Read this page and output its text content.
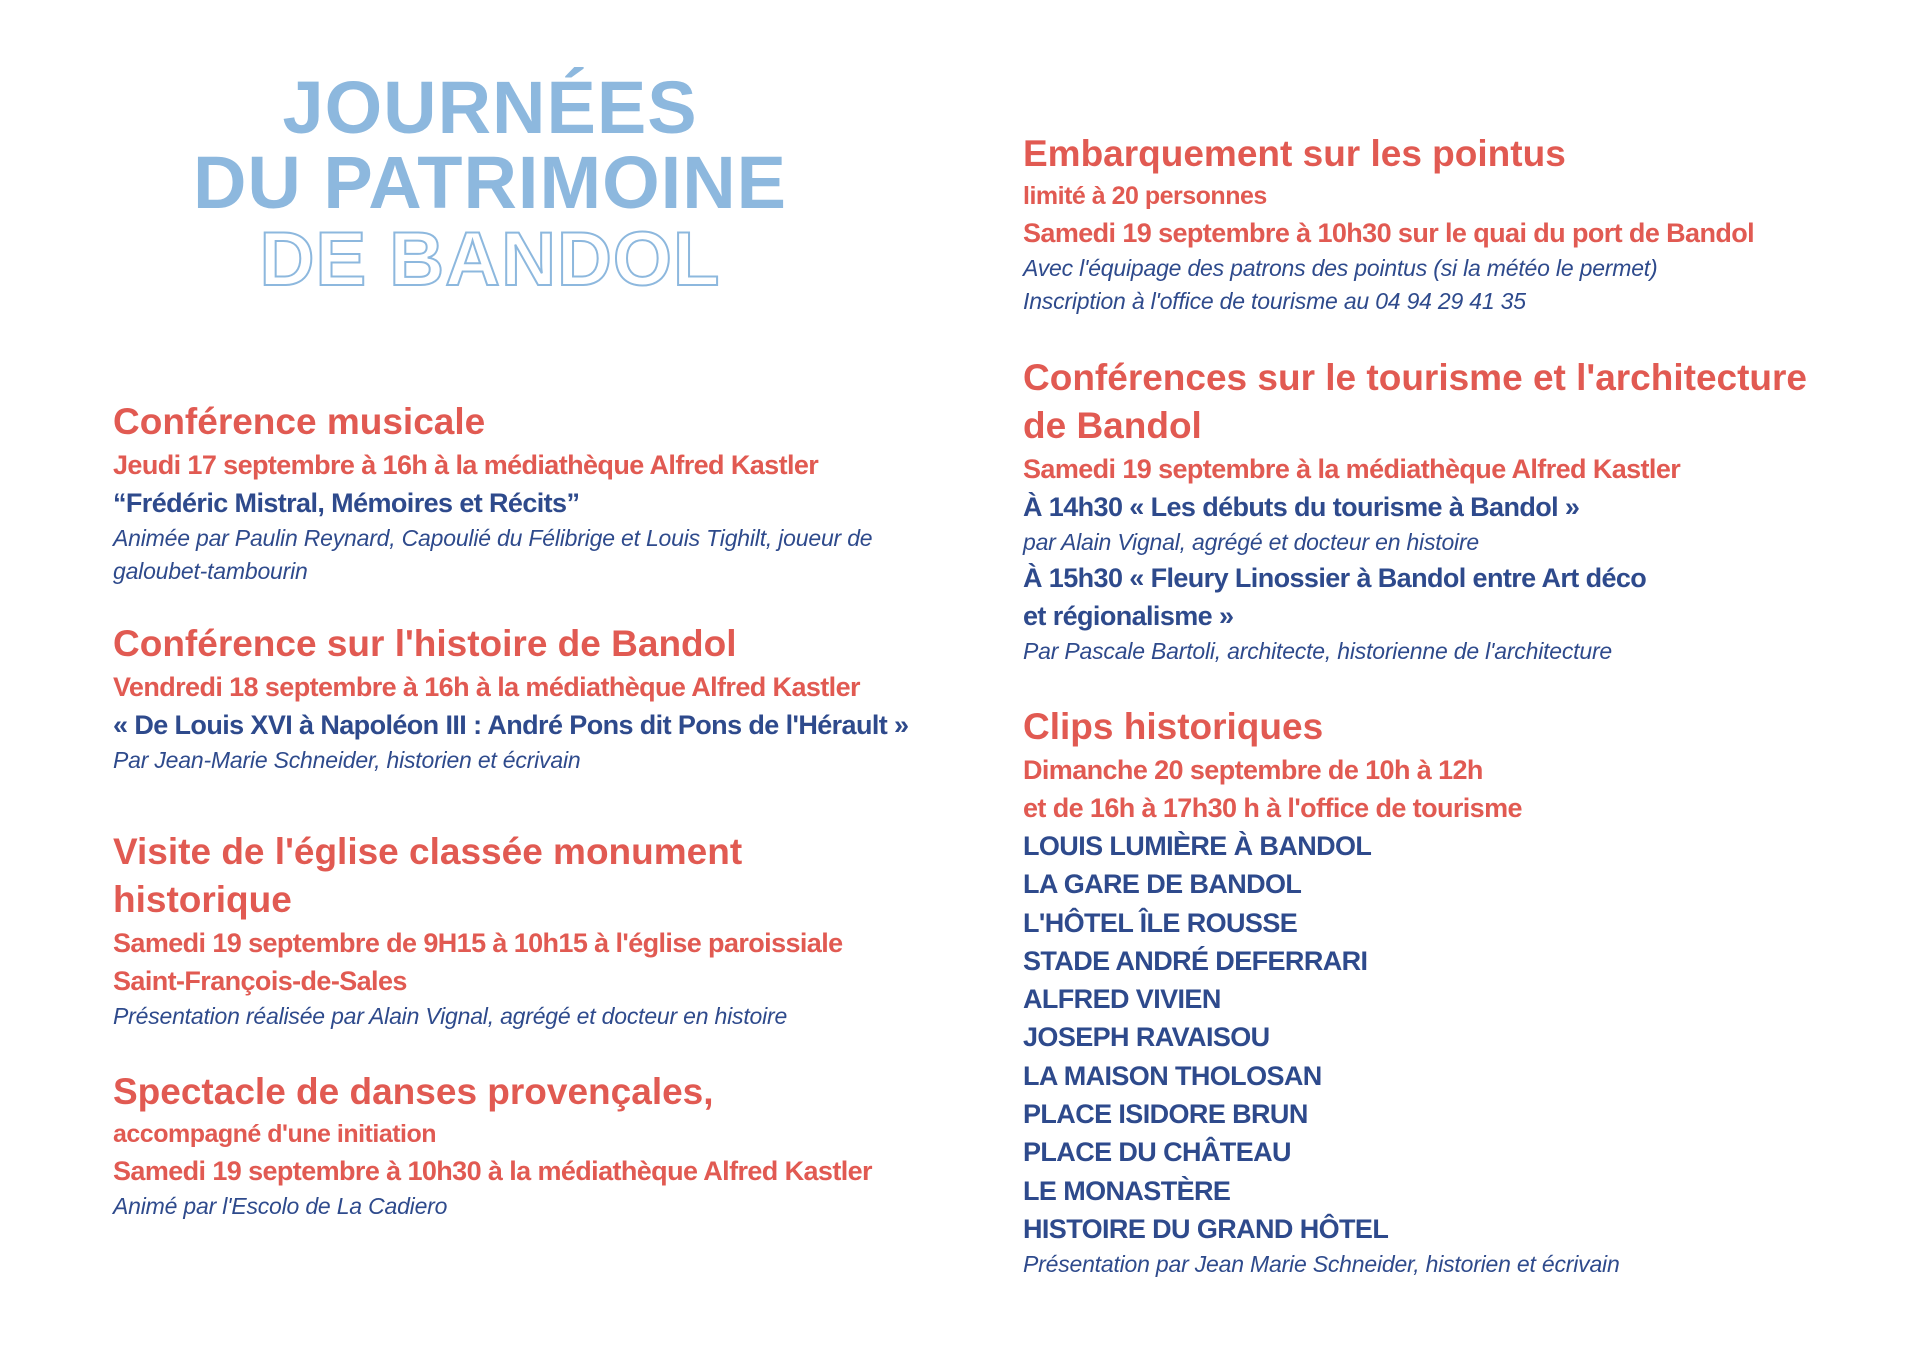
JOURNÉES
DU PATRIMOINE
DE BANDOL

Conférence musicale

Jeudi 17 septembre à 16h à la médiathèque Alfred Kastler

“Frédéric Mistral, Mémoires et Récits”

Animée par Paulin Reynard, Capoulié du Félibrige et Louis Tighilt, joueur de

galoubet-tambourin

Conférence sur l'histoire de Bandol

Vendredi 18 septembre à 16h à la médiathèque Alfred Kastler

« De Louis XVI à Napoléon III : André Pons dit Pons de l'Hérault »

Par Jean-Marie Schneider, historien et écrivain

Visite de l'église classée monument

historique

Samedi 19 septembre de 9H15 à 10h15 à l'église paroissiale

Saint-François-de-Sales

Présentation réalisée par Alain Vignal, agrégé et docteur en histoire

Spectacle de danses provençales,

accompagné d'une initiation

Samedi 19 septembre à 10h30 à la médiathèque Alfred Kastler

Animé par l'Escolo de La Cadiero

Embarquement sur les pointus

limité à 20 personnes

Samedi 19 septembre à 10h30 sur le quai du port de Bandol

Avec l'équipage des patrons des pointus (si la météo le permet)

Inscription à l'office de tourisme au 04 94 29 41 35

Conférences sur le tourisme et l'architecture

de Bandol

Samedi 19 septembre à la médiathèque Alfred Kastler

À 14h30 « Les débuts du tourisme à Bandol »

par Alain Vignal, agrégé et docteur en histoire

À 15h30 « Fleury Linossier à Bandol entre Art déco

et régionalisme »

Par Pascale Bartoli, architecte, historienne de l'architecture

Clips historiques

Dimanche 20 septembre de 10h à 12h

et de 16h à 17h30 h à l'office de tourisme

LOUIS LUMIÈRE À BANDOL

LA GARE DE BANDOL

L'HÔTEL ÎLE ROUSSE

STADE ANDRÉ DEFERRARI

ALFRED VIVIEN

JOSEPH RAVAISOU

LA MAISON THOLOSAN

PLACE ISIDORE BRUN

PLACE DU CHÂTEAU

LE MONASTÈRE

HISTOIRE DU GRAND HÔTEL

Présentation par Jean Marie Schneider, historien et écrivain
